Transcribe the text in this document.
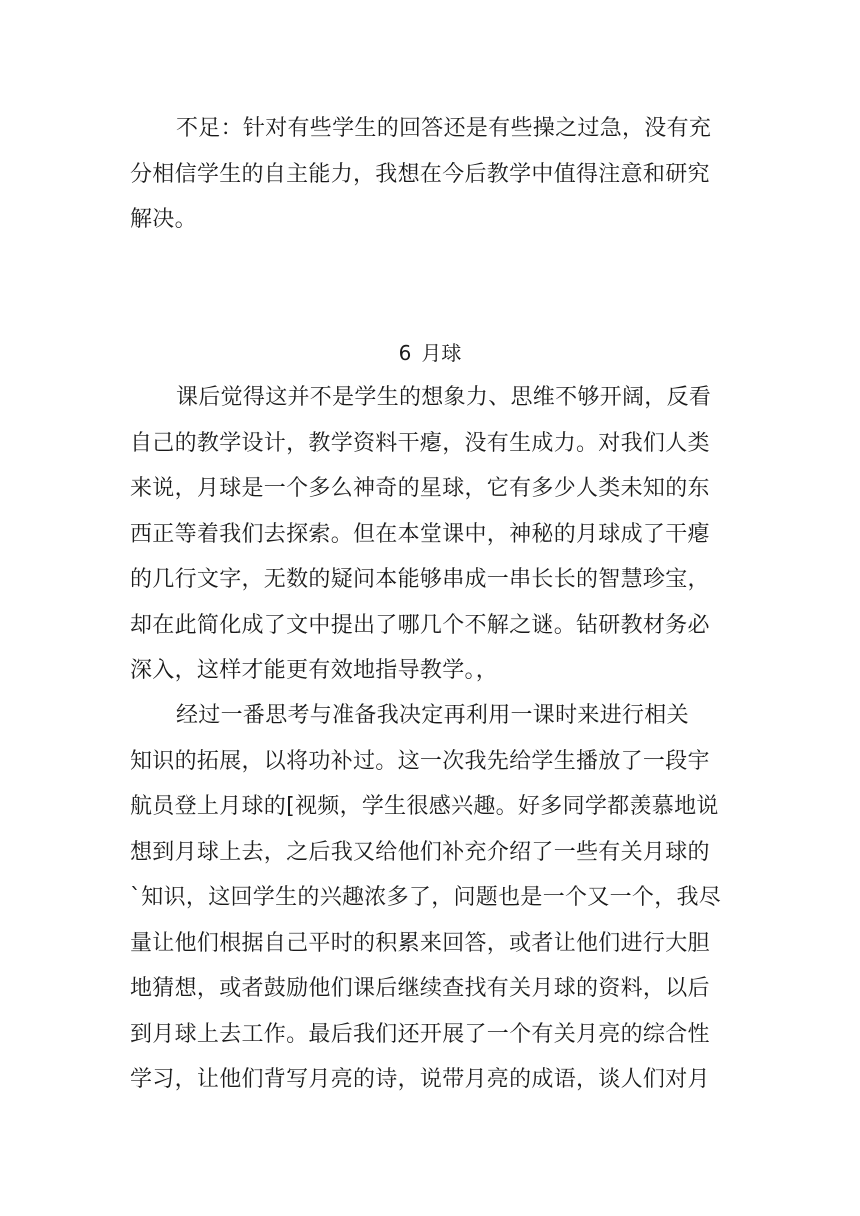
不足：针对有些学生的回答还是有些操之过急，没有充
分相信学生的自主能力，我想在今后教学中值得注意和研究
解决。
6 月球
课后觉得这并不是学生的想象力、思维不够开阔，反看
自己的教学设计，教学资料干瘪，没有生成力。对我们人类
来说，月球是一个多么神奇的星球，它有多少人类未知的东
西正等着我们去探索。但在本堂课中，神秘的月球成了干瘪
的几行文字，无数的疑问本能够串成一串长长的智慧珍宝，
却在此简化成了文中提出了哪几个不解之谜。钻研教材务必
深入，这样才能更有效地指导教学。，
经过一番思考与准备我决定再利用一课时来进行相关
知识的拓展，以将功补过。这一次我先给学生播放了一段宇
航员登上月球的[视频，学生很感兴趣。好多同学都羡慕地说
想到月球上去，之后我又给他们补充介绍了一些有关月球的
`知识，这回学生的兴趣浓多了，问题也是一个又一个，我尽
量让他们根据自己平时的积累来回答，或者让他们进行大胆
地猜想，或者鼓励他们课后继续查找有关月球的资料，以后
到月球上去工作。最后我们还开展了一个有关月亮的综合性
学习，让他们背写月亮的诗，说带月亮的成语，谈人们对月
